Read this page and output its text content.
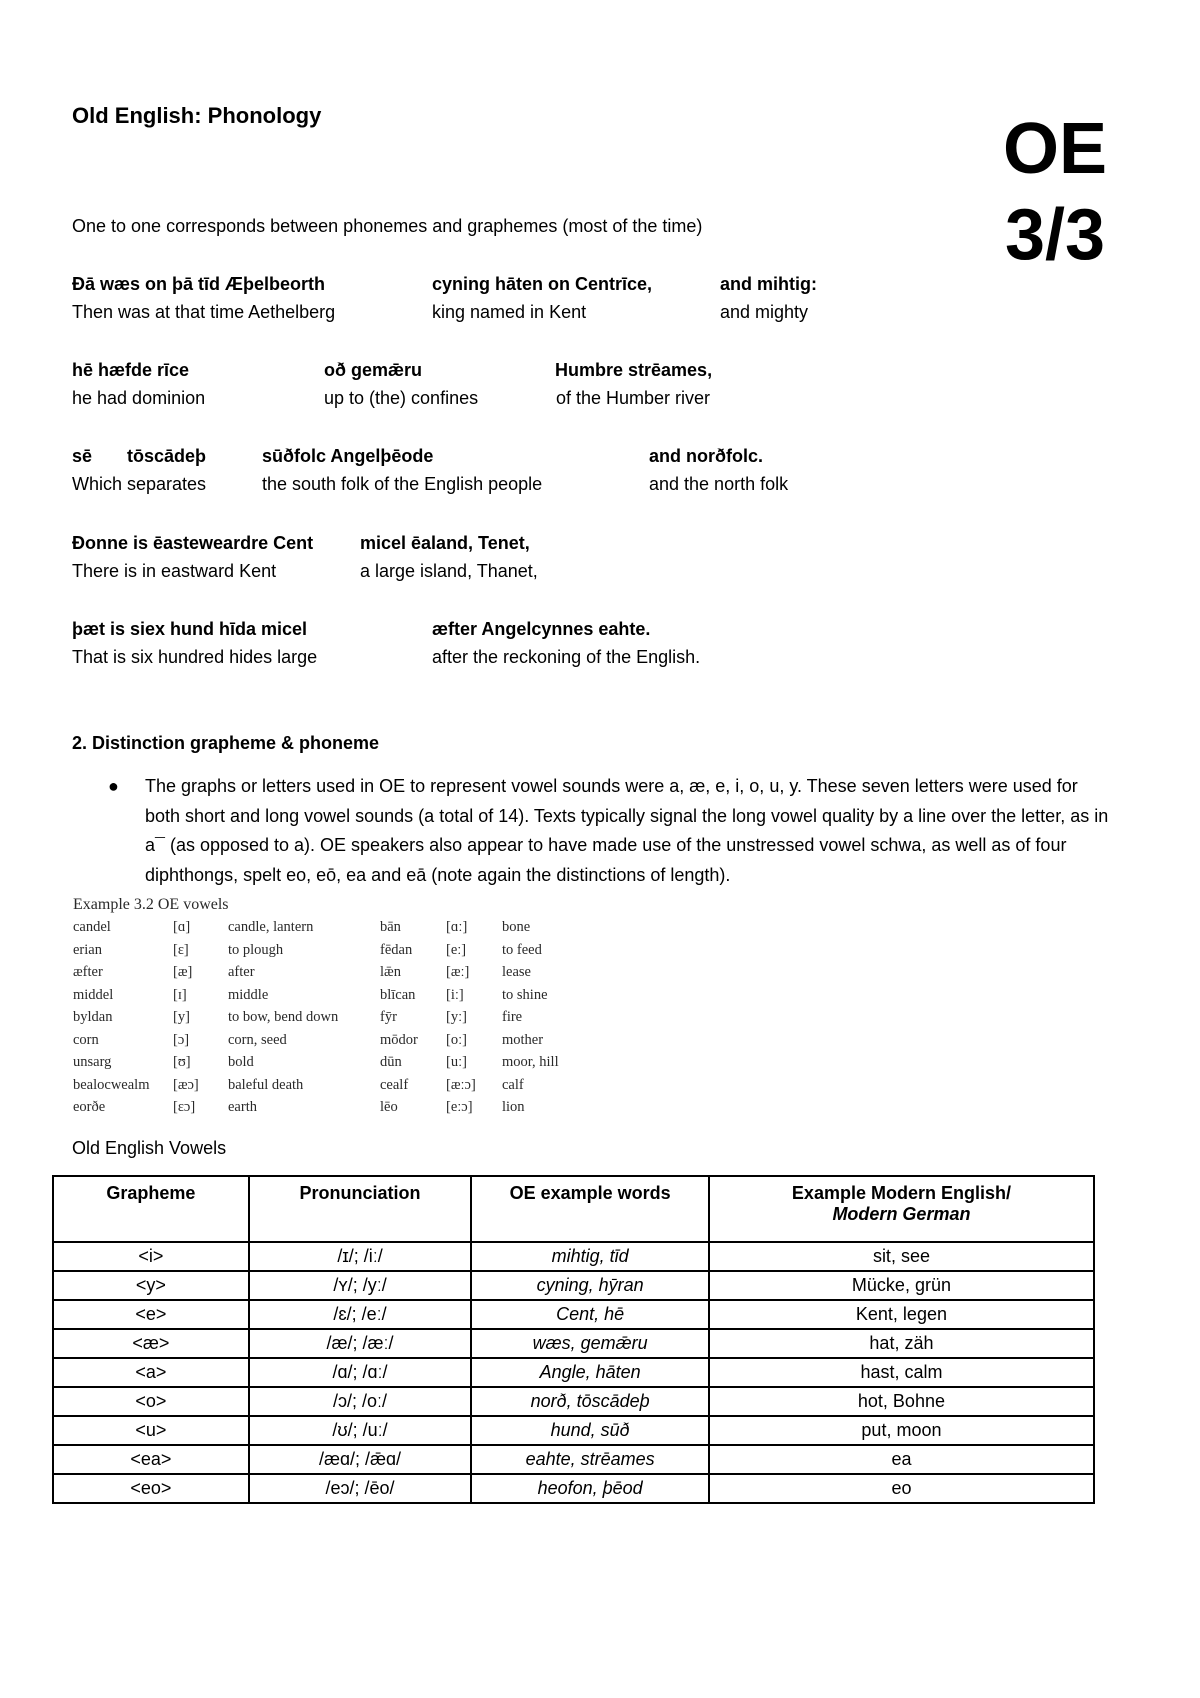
Old English: Phonology	OE
3/3
One to one corresponds between phonemes and graphemes (most of the time)
Ðā wæs on þā tīd Æþelbeorth	cyning hāten on Centrīce,	and mihtig:
Then was at that time Aethelberg	king named in Kent	and mighty
hē hæfde rīce	oð gemǣru	Humbre strēames,
he had dominion	up to (the) confines	of the Humber river
sē tōscādeþ	sūðfolc Angelþēode	and norðfolc.
Which separates	the south folk of the English people	and the north folk
Ðonne is ēasteweardre Cent	micel ēaland, Tenet,
There is in eastward Kent	a large island, Thanet,
þæt is siex hund hīda micel	æfter Angelcynnes eahte.
That is six hundred hides large	after the reckoning of the English.
2. Distinction grapheme & phoneme
● The graphs or letters used in OE to represent vowel sounds were a, æ, e, i, o, u, y. These seven letters were used for both short and long vowel sounds (a total of 14). Texts typically signal the long vowel quality by a line over the letter, as in a¯ (as opposed to a). OE speakers also appear to have made use of the unstressed vowel schwa, as well as of four diphthongs, spelt eo, eō, ea and eā (note again the distinctions of length).
Example 3.2 OE vowels
candel	[ɑ]	candle, lantern	bān	[ɑː] bone
erian	[ɛ]	to plough	fēdan [eː] to feed
æfter	[æ] after	lǣn	[æː] lease
middel	[ɪ]	middle	blīcan [iː]	to shine
byldan	[y]	to bow, bend down	fȳr	[yː] fire
corn	[ɔ]	corn, seed	mōdor [oː] mother
unsarg	[ʊ]	bold	dūn	[uː] moor, hill
bealocwealm [æɔ] baleful death	cealf	[æːɔ] calf
eorðe	[ɛɔ] earth	lēo	[eːɔ] lion
Old English Vowels
Grapheme	Pronunciation	OE example words	Example Modern English/
Modern German

<i>	/ɪ/; /iː/	mihtig, tīd	sit, see
<y>	/ʏ/; /yː/	cyning, hȳran	Mücke, grün
<e>	/ɛ/; /eː/	Cent, hē	Kent, legen
<æ>	/æ/; /æː/	wæs, gemǣru	hat, zäh
<a>	/ɑ/; /ɑː/	Angle, hāten	hast, calm
<o>	/ɔ/; /oː/	norð, tōscādeþ	hot, Bohne
<u>	/ʊ/; /uː/	hund, sūð	put, moon
<ea>	/æɑ/; /ǣɑ/	eahte, strēames	ea
<eo>	/eɔ/; /ēo/	heofon, þēod	eo
